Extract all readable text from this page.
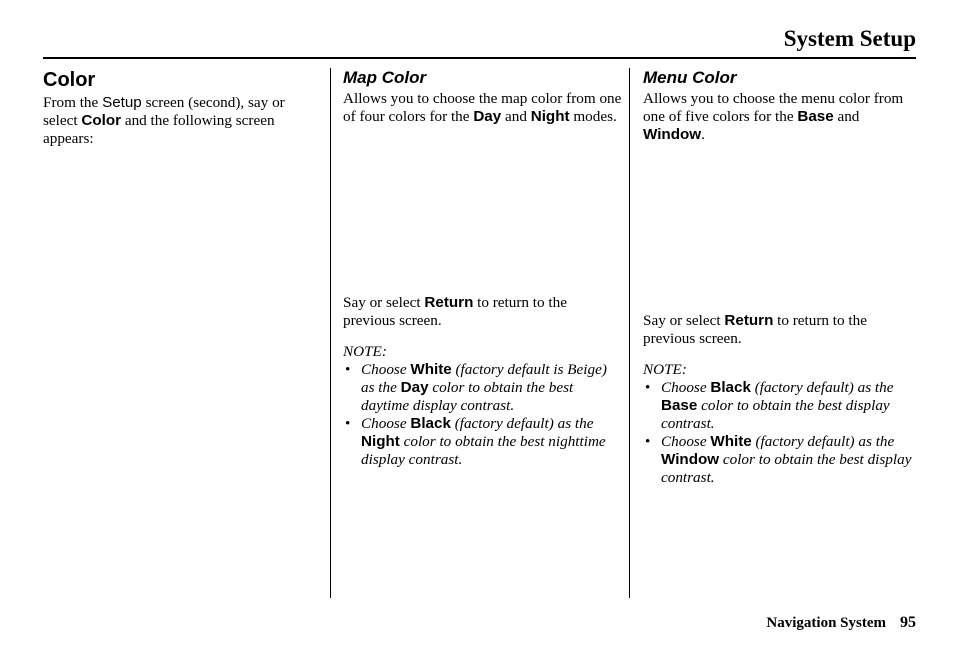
System Setup
Color

From the Setup screen (second), say or select Color and the following screen appears:

Map Color

Allows you to choose the map color from one of four colors for the Day and Night modes.

Say or select Return to return to the previous screen.

NOTE:

• Choose White (factory default is Beige) as the Day color to obtain the best daytime display contrast.
• Choose Black (factory default) as the Night color to obtain the best nighttime display contrast.
Menu Color

Allows you to choose the menu color from one of five colors for the Base and Window.

Say or select Return to return to the previous screen.

NOTE:

• Choose Black (factory default) as the Base color to obtain the best display contrast.
• Choose White (factory default) as the Window color to obtain the best display contrast.
Navigation System 95
